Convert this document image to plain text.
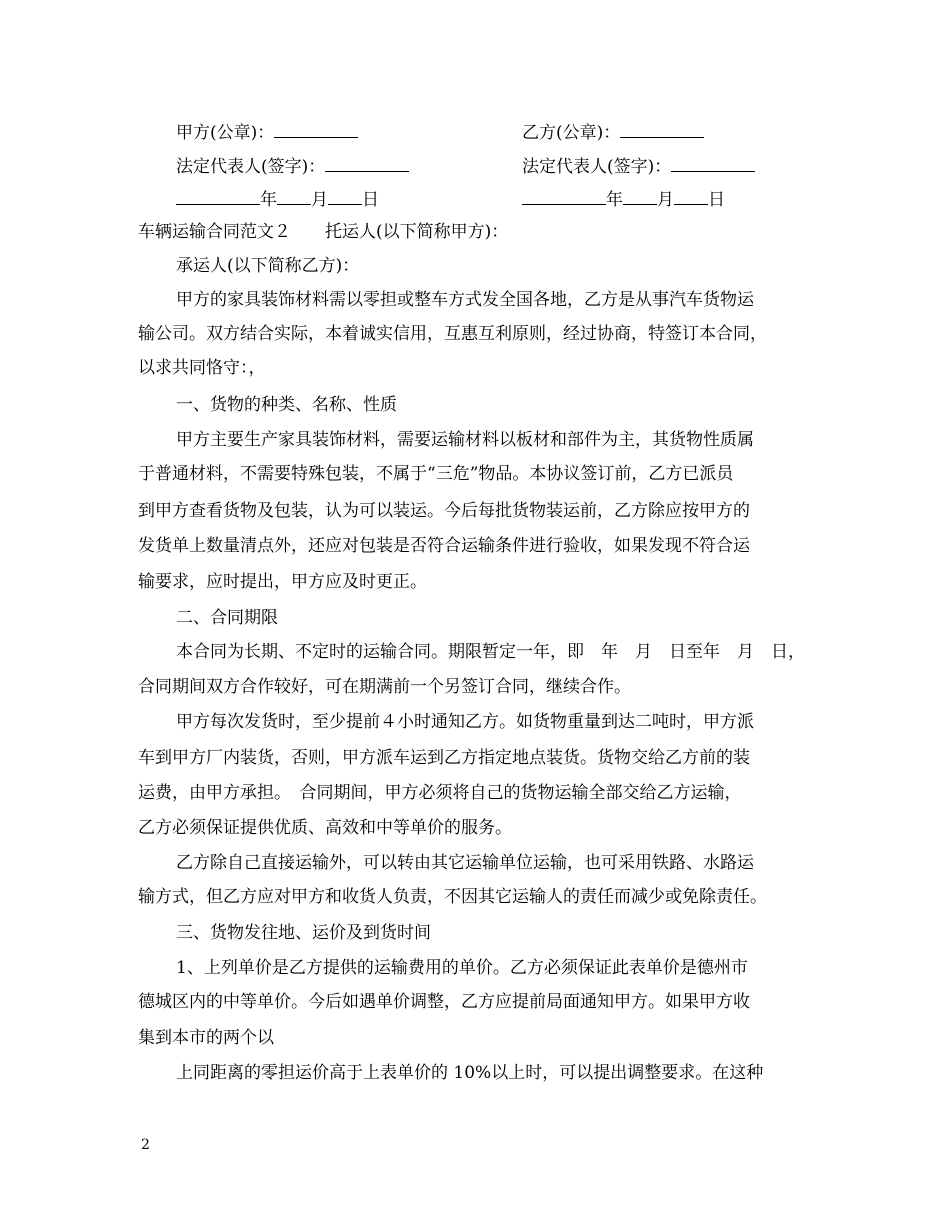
甲方(公章)：	乙方(公章)：
法定代表人(签字)：	法定代表人(签字)：
年 月 日	年 月 日
车辆运输合同范文２ 托运人(以下简称甲方)：
承运人(以下简称乙方)：
甲方的家具装饰材料需以零担或整车方式发全国各地，乙方是从事汽车货物运
输公司。双方结合实际，本着诚实信用，互惠互利原则，经过协商，特签订本合同，
以求共同恪守：，
一、货物的种类、名称、性质
甲方主要生产家具装饰材料，需要运输材料以板材和部件为主，其货物性质属
于普通材料，不需要特殊包装，不属于“三危”物品。本协议签订前，乙方已派员
到甲方查看货物及包装，认为可以装运。今后每批货物装运前，乙方除应按甲方的
发货单上数量清点外，还应对包装是否符合运输条件进行验收，如果发现不符合运
输要求，应时提出，甲方应及时更正。
二、合同期限
本合同为长期、不定时的运输合同。期限暂定一年，即　年　月　日至年　月　日，
合同期间双方合作较好，可在期满前一个另签订合同，继续合作。
甲方每次发货时，至少提前４小时通知乙方。如货物重量到达二吨时，甲方派
车到甲方厂内装货，否则，甲方派车运到乙方指定地点装货。货物交给乙方前的装
运费，由甲方承担。　合同期间，甲方必须将自己的货物运输全部交给乙方运输，
乙方必须保证提供优质、高效和中等单价的服务。
乙方除自己直接运输外，可以转由其它运输单位运输，也可采用铁路、水路运
输方式，但乙方应对甲方和收货人负责，不因其它运输人的责任而减少或免除责任。
三、货物发往地、运价及到货时间
1、上列单价是乙方提供的运输费用的单价。乙方必须保证此表单价是德州市
德城区内的中等单价。今后如遇单价调整，乙方应提前局面通知甲方。如果甲方收
集到本市的两个以
上同距离的零担运价高于上表单价的 10%以上时，可以提出调整要求。在这种
2
